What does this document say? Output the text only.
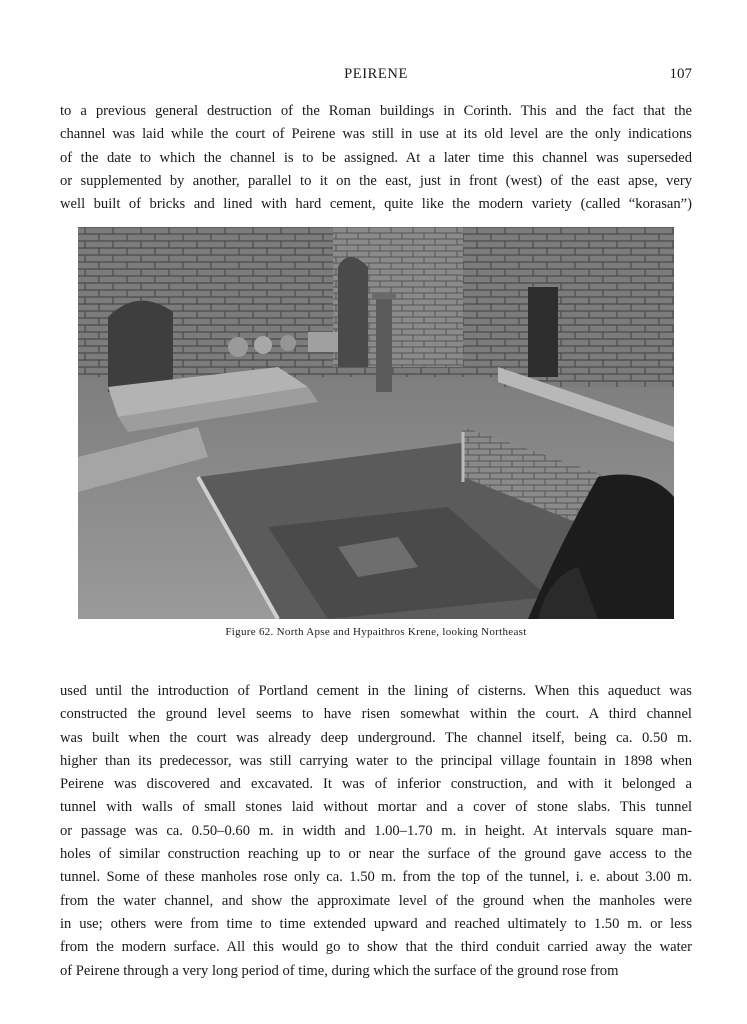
PEIRENE	107
to a previous general destruction of the Roman buildings in Corinth. This and the fact that the
channel was laid while the court of Peirene was still in use at its old level are the only indications
of the date to which the channel is to be assigned. At a later time this channel was superseded
or supplemented by another, parallel to it on the east, just in front (west) of the east apse, very
well built of bricks and lined with hard cement, quite like the modern variety (called “korasan”)
Figure 62. North Apse and Hypaithros Krene, looking Northeast
used until the introduction of Portland cement in the lining of cisterns. When this aqueduct was
constructed the ground level seems to have risen somewhat within the court. A third channel
was built when the court was already deep underground. The channel itself, being ca. 0.50 m.
higher than its predecessor, was still carrying water to the principal village fountain in 1898 when
Peirene was discovered and excavated. It was of inferior construction, and with it belonged a
tunnel with walls of small stones laid without mortar and a cover of stone slabs. This tunnel
or passage was ca. 0.50–0.60 m. in width and 1.00–1.70 m. in height. At intervals square man-
holes of similar construction reaching up to or near the surface of the ground gave access to the
tunnel. Some of these manholes rose only ca. 1.50 m. from the top of the tunnel, i. e. about 3.00 m.
from the water channel, and show the approximate level of the ground when the manholes were
in use; others were from time to time extended upward and reached ultimately to 1.50 m. or less
from the modern surface. All this would go to show that the third conduit carried away the water
of Peirene through a very long period of time, during which the surface of the ground rose from
